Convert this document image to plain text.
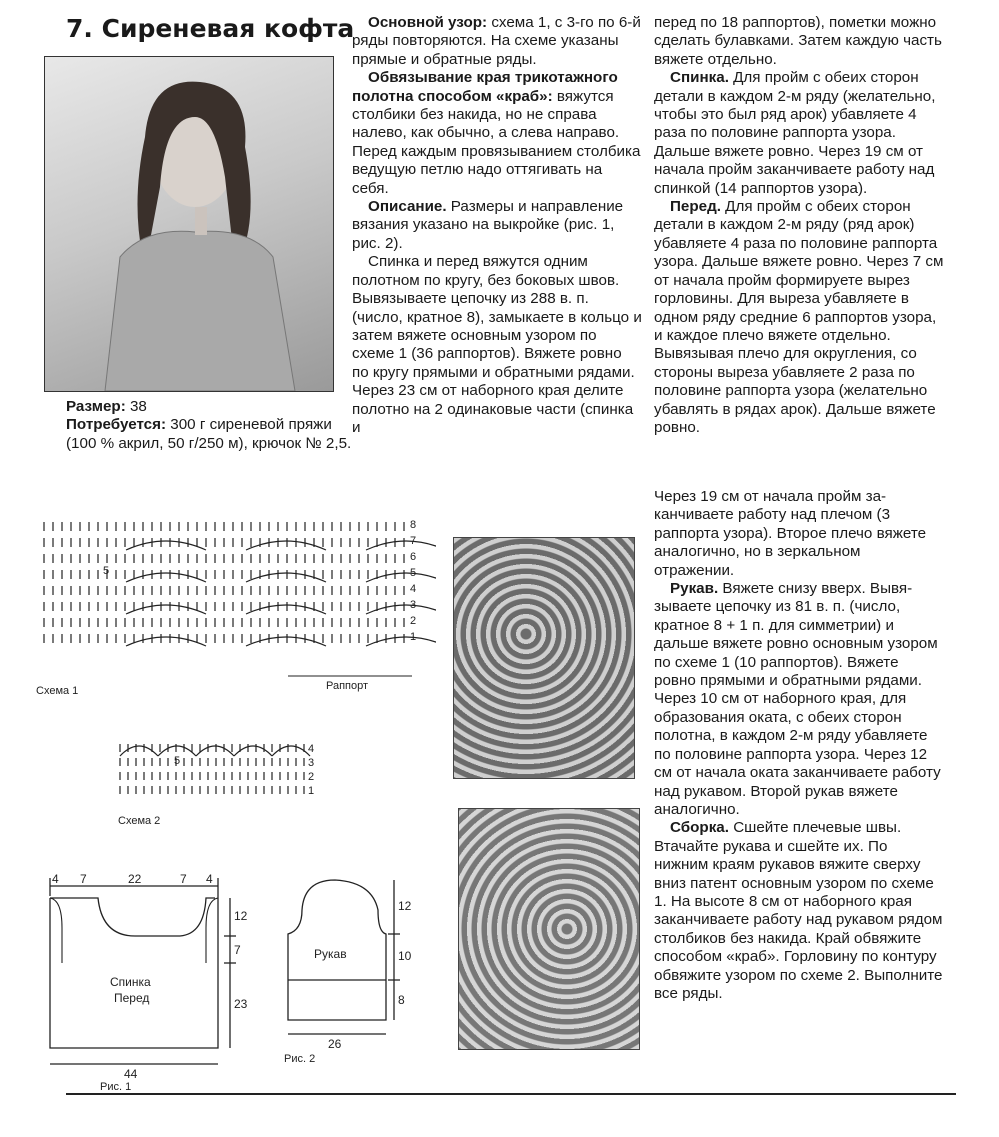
7. Сиреневая кофта
Размер: 38
Потребуется: 300 г сиреневой пряжи (100 % акрил, 50 г/250 м), крючок № 2,5.

Основной узор: схема 1, с 3-го по 6-й ряды повторяются. На схеме указаны прямые и обратные ряды.

Обвязывание края трикотажного полотна способом «краб»: вяжутся столбики без накида, но не справа налево, как обычно, а слева направо. Перед каждым провязыванием столбика ведущую петлю надо оттягивать на себя.

Описание. Размеры и направление вязания указано на выкройке (рис. 1, рис. 2).

Спинка и перед вяжутся одним полотном по кругу, без боковых швов. Вывязываете цепочку из 288 в. п. (число, кратное 8), замыкаете в кольцо и затем вяжете основным узором по схеме 1 (36 раппортов). Вяжете ровно по кругу прямыми и обратными рядами. Через 23 см от наборного края делите полотно на 2 одинаковые части (спинка и

перед по 18 раппортов), пометки можно сделать булавками. Затем каждую часть вяжете отдельно.

Спинка. Для пройм с обеих сторон детали в каждом 2-м ряду (желательно, чтобы это был ряд арок) убавляете 4 раза по половине раппорта узора. Дальше вяжете ровно. Через 19 см от начала пройм заканчиваете работу над спинкой (14 раппортов узора).

Перед. Для пройм с обеих сторон детали в каждом 2-м ряду (ряд арок) убавляете 4 раза по половине раппорта узора. Дальше вяжете ровно. Через 7 см от начала пройм формируете вырез горловины. Для выреза убавляете в одном ряду средние 6 раппортов узора, и каждое плечо вяжете отдельно. Вывязывая плечо для округления, со стороны выреза убавляете 2 раза по половине раппорта узора (желательно убавлять в рядах арок). Дальше вяжете ровно.

Через 19 см от начала пройм заканчиваете работу над плечом (3 раппорта узора). Второе плечо вяжете аналогично, но в зеркальном отражении.

Рукав. Вяжете снизу вверх. Вывязываете цепочку из 81 в. п. (число, кратное 8 + 1 п. для симметрии) и дальше вяжете ровно основным узором по схеме 1 (10 раппортов). Вяжете ровно прямыми и обратными рядами. Через 10 см от наборного края, для образования оката, с обеих сторон полотна, в каждом 2-м ряду убавляете по половине раппорта узора. Через 12 см от начала оката заканчиваете работу над рукавом. Второй рукав вяжете аналогично.

Сборка. Сшейте плечевые швы. Втачайте рукава и сшейте их. По нижним краям рукавов вяжите сверху вниз патент основным узором по схеме 1. На высоте 8 см от наборного края заканчиваете работу над рукавом рядом столбиков без накида. Край обвяжите способом «краб». Горловину по контуру обвяжите узором по схеме 2. Выполните все ряды.

8
7
6
5
4
3
2
1
Раппорт
Схема 1
5
4
3
2
1
Схема 2
5
4 7	22	7 4
12
7
23
44
Спинка
Перед
Рис. 1
Рукав
12
10
8
26
Рис. 2
